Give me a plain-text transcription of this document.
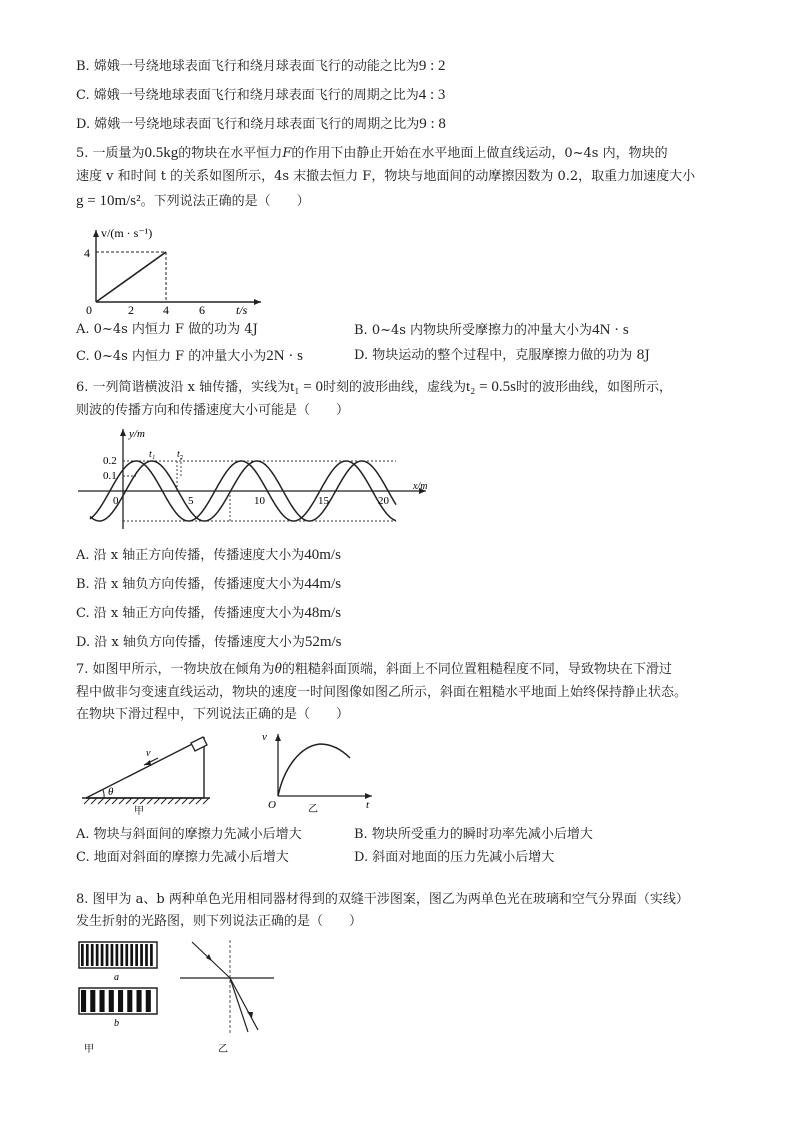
B. 嫦娥一号绕地球表面飞行和绕月球表面飞行的动能之比为9 : 2
C. 嫦娥一号绕地球表面飞行和绕月球表面飞行的周期之比为4 : 3
D. 嫦娥一号绕地球表面飞行和绕月球表面飞行的周期之比为9 : 8
5. 一质量为0.5kg的物块在水平恒力F的作用下由静止开始在水平地面上做直线运动，0~4s 内，物块的
速度 v 和时间 t 的关系如图所示，4s 末撤去恒力 F，物块与地面间的动摩擦因数为 0.2，取重力加速度大小
g = 10m/s²。下列说法正确的是（　　）
v/(m · s⁻¹)
4
0	2 4	6	t/s
A. 0~4s 内恒力 F 做的功为 4J	B. 0~4s 内物块所受摩擦力的冲量大小为4N · s
C. 0~4s 内恒力 F 的冲量大小为2N · s	D. 物块运动的整个过程中，克服摩擦力做的功为 8J
6. 一列简谐横波沿 x 轴传播，实线为t₁ = 0时刻的波形曲线，虚线为t₂ = 0.5s时的波形曲线，如图所示，
则波的传播方向和传播速度大小可能是（　　）
y/m
0.2
0.1
0
t₁ t₂
5	10	15	20
x/m
A. 沿 x 轴正方向传播，传播速度大小为40m/s
B. 沿 x 轴负方向传播，传播速度大小为44m/s
C. 沿 x 轴正方向传播，传播速度大小为48m/s
D. 沿 x 轴负方向传播，传播速度大小为52m/s
7. 如图甲所示，一物块放在倾角为θ的粗糙斜面顶端，斜面上不同位置粗糙程度不同，导致物块在下滑过
程中做非匀变速直线运动，物块的速度一时间图像如图乙所示，斜面在粗糙水平地面上始终保持静止状态。
在物块下滑过程中，下列说法正确的是（　　）
v
θ
甲
v
O	t
乙
A. 物块与斜面间的摩擦力先减小后增大	B. 物块所受重力的瞬时功率先减小后增大
C. 地面对斜面的摩擦力先减小后增大	D. 斜面对地面的压力先减小后增大
8. 图甲为 a、b 两种单色光用相同器材得到的双缝干涉图案，图乙为两单色光在玻璃和空气分界面（实线）
发生折射的光路图，则下列说法正确的是（　　）
a
b
甲	乙
